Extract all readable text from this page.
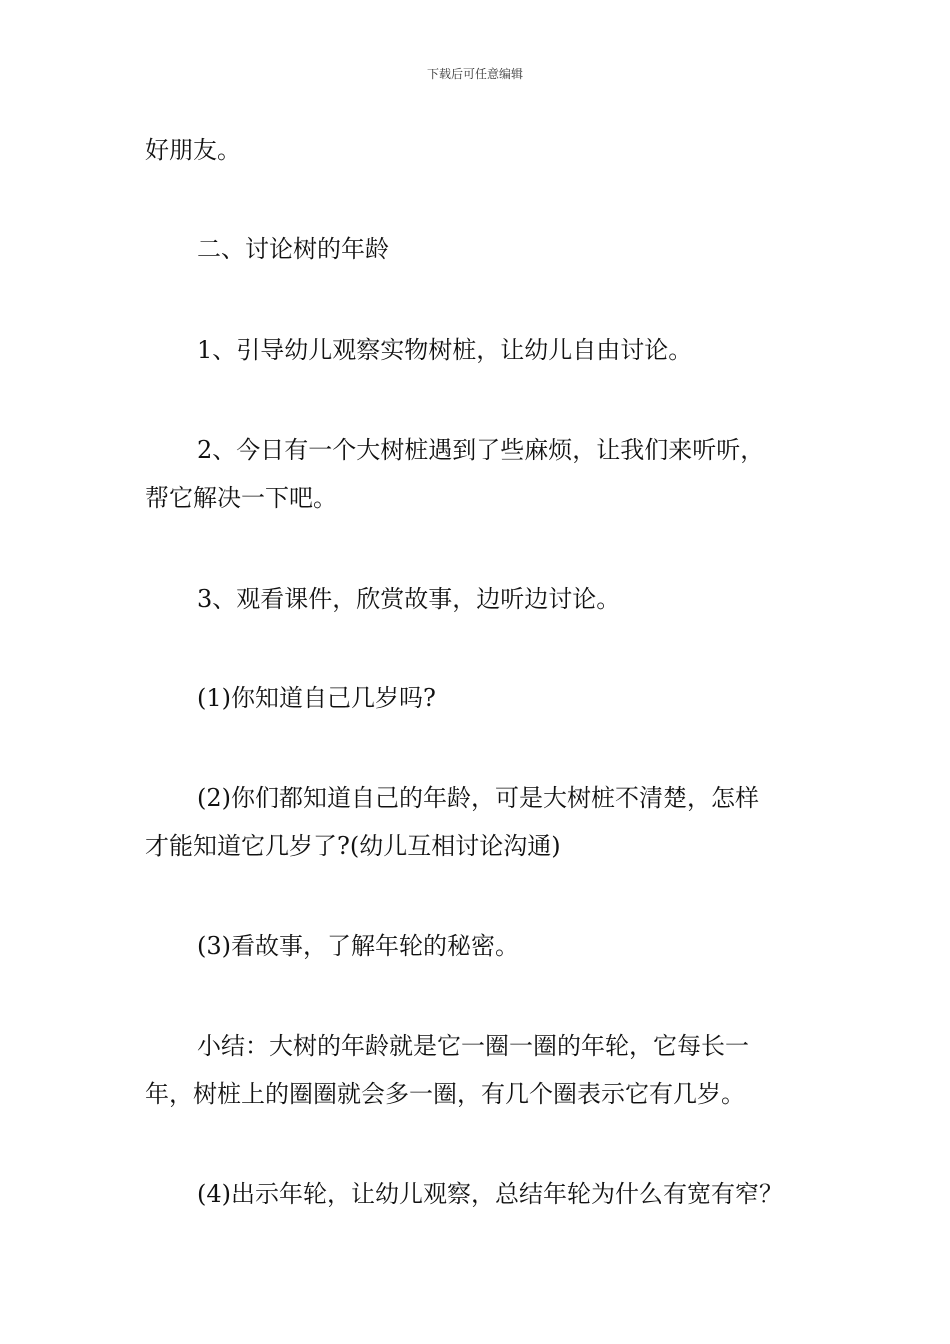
下载后可任意编辑
好朋友。
二、讨论树的年龄
1、引导幼儿观察实物树桩，让幼儿自由讨论。
2、今日有一个大树桩遇到了些麻烦，让我们来听听，
帮它解决一下吧。
3、观看课件，欣赏故事，边听边讨论。
(1)你知道自己几岁吗?
(2)你们都知道自己的年龄，可是大树桩不清楚，怎样
才能知道它几岁了?(幼儿互相讨论沟通)
(3)看故事，了解年轮的秘密。
小结：大树的年龄就是它一圈一圈的年轮，它每长一
年，树桩上的圈圈就会多一圈，有几个圈表示它有几岁。
(4)出示年轮，让幼儿观察，总结年轮为什么有宽有窄？
